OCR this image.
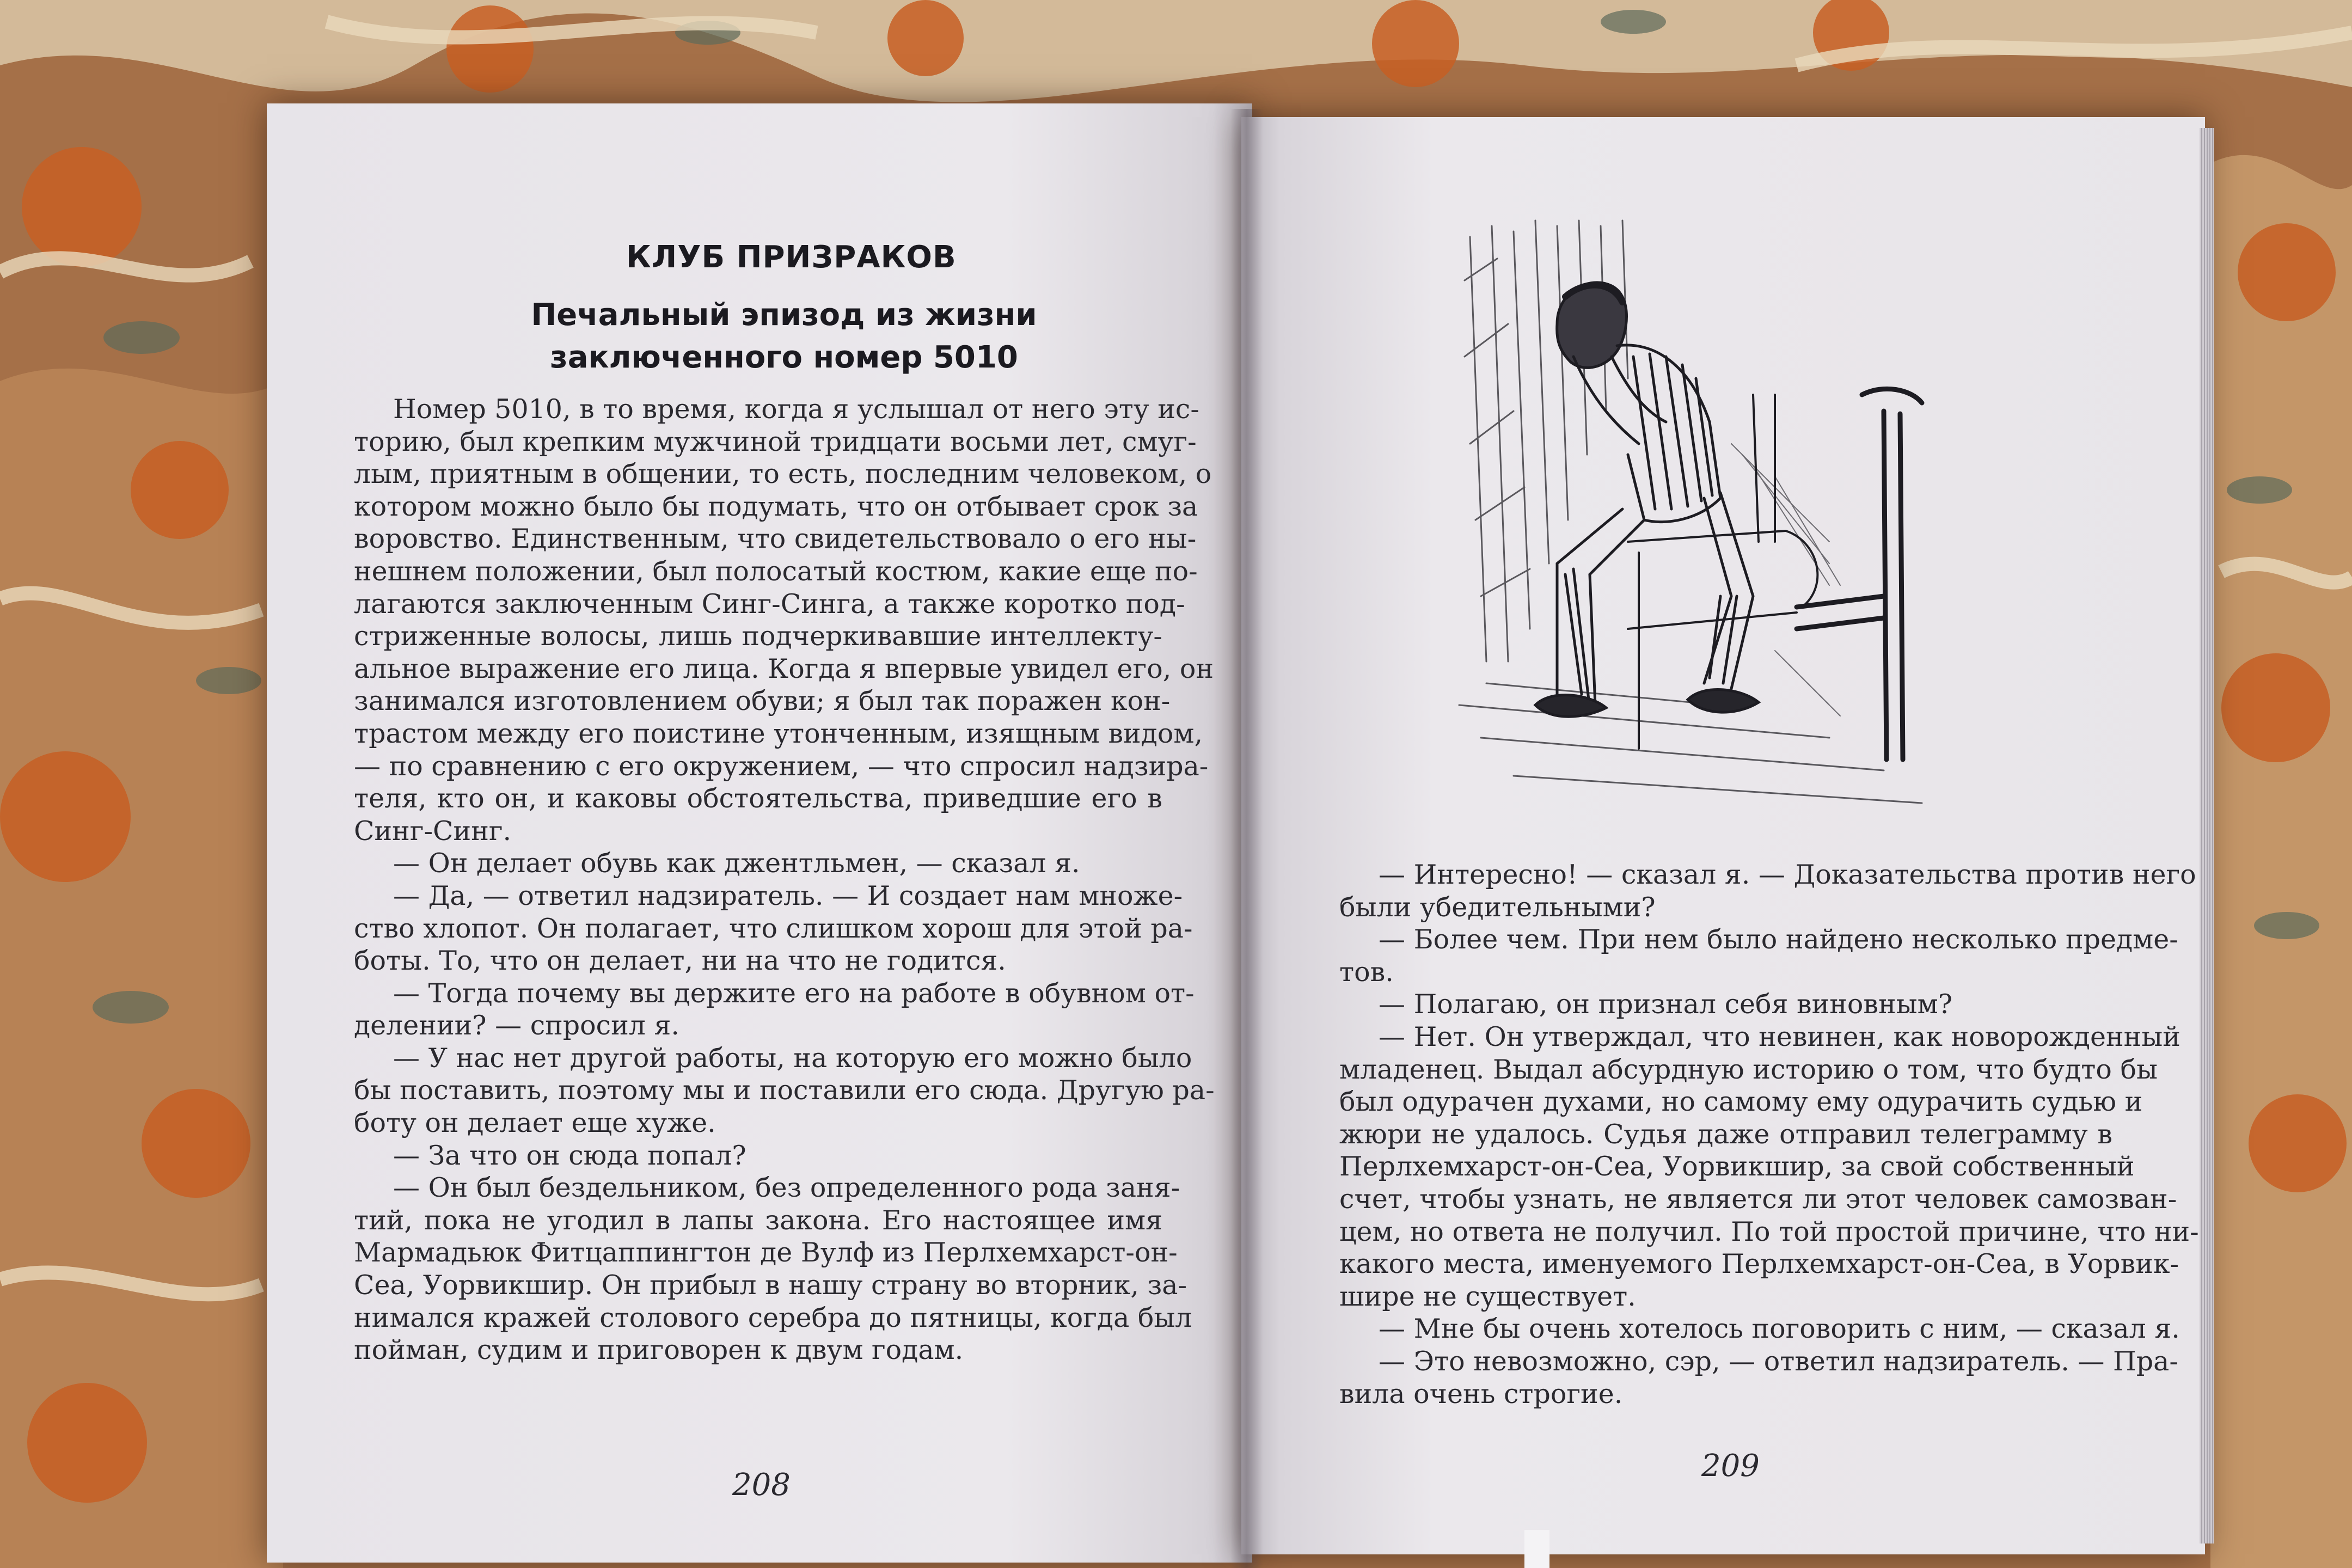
КЛУБ ПРИЗРАКОВ
Печальный эпизод из жизни заключенного номер 5010
Номер 5010, в то время, когда я услышал от него эту ис-
торию, был крепким мужчиной тридцати восьми лет, смуг-
лым, приятным в общении, то есть, последним человеком, о
котором можно было бы подумать, что он отбывает срок за
воровство. Единственным, что свидетельствовало о его ны-
нешнем положении, был полосатый костюм, какие еще по-
лагаются заключенным Синг-Синга, а также коротко под-
стриженные волосы, лишь подчеркивавшие интеллекту-
альное выражение его лица. Когда я впервые увидел его, он
занимался изготовлением обуви; я был так поражен кон-
трастом между его поистине утонченным, изящным видом,
— по сравнению с его окружением, — что спросил надзира-
теля, кто он, и каковы обстоятельства, приведшие его в
Синг-Синг.
— Он делает обувь как джентльмен, — сказал я.
— Да, — ответил надзиратель. — И создает нам множе-
ство хлопот. Он полагает, что слишком хорош для этой ра-
боты. То, что он делает, ни на что не годится.
— Тогда почему вы держите его на работе в обувном от-
делении? — спросил я.
— У нас нет другой работы, на которую его можно было
бы поставить, поэтому мы и поставили его сюда. Другую ра-
боту он делает еще хуже.
— За что он сюда попал?
— Он был бездельником, без определенного рода заня-
тий, пока не угодил в лапы закона. Его настоящее имя
Мармадьюк Фитцаппингтон де Вулф из Перлхемхарст-он-
Сеа, Уорвикшир. Он прибыл в нашу страну во вторник, за-
нимался кражей столового серебра до пятницы, когда был
пойман, судим и приговорен к двум годам.
208
— Интересно! — сказал я. — Доказательства против него
были убедительными?
— Более чем. При нем было найдено несколько предме-
тов.
— Полагаю, он признал себя виновным?
— Нет. Он утверждал, что невинен, как новорожденный
младенец. Выдал абсурдную историю о том, что будто бы
был одурачен духами, но самому ему одурачить судью и
жюри не удалось. Судья даже отправил телеграмму в
Перлхемхарст-он-Сеа, Уорвикшир, за свой собственный
счет, чтобы узнать, не является ли этот человек самозван-
цем, но ответа не получил. По той простой причине, что ни-
какого места, именуемого Перлхемхарст-он-Сеа, в Уорвик-
шире не существует.
— Мне бы очень хотелось поговорить с ним, — сказал я.
— Это невозможно, сэр, — ответил надзиратель. — Пра-
вила очень строгие.
209
